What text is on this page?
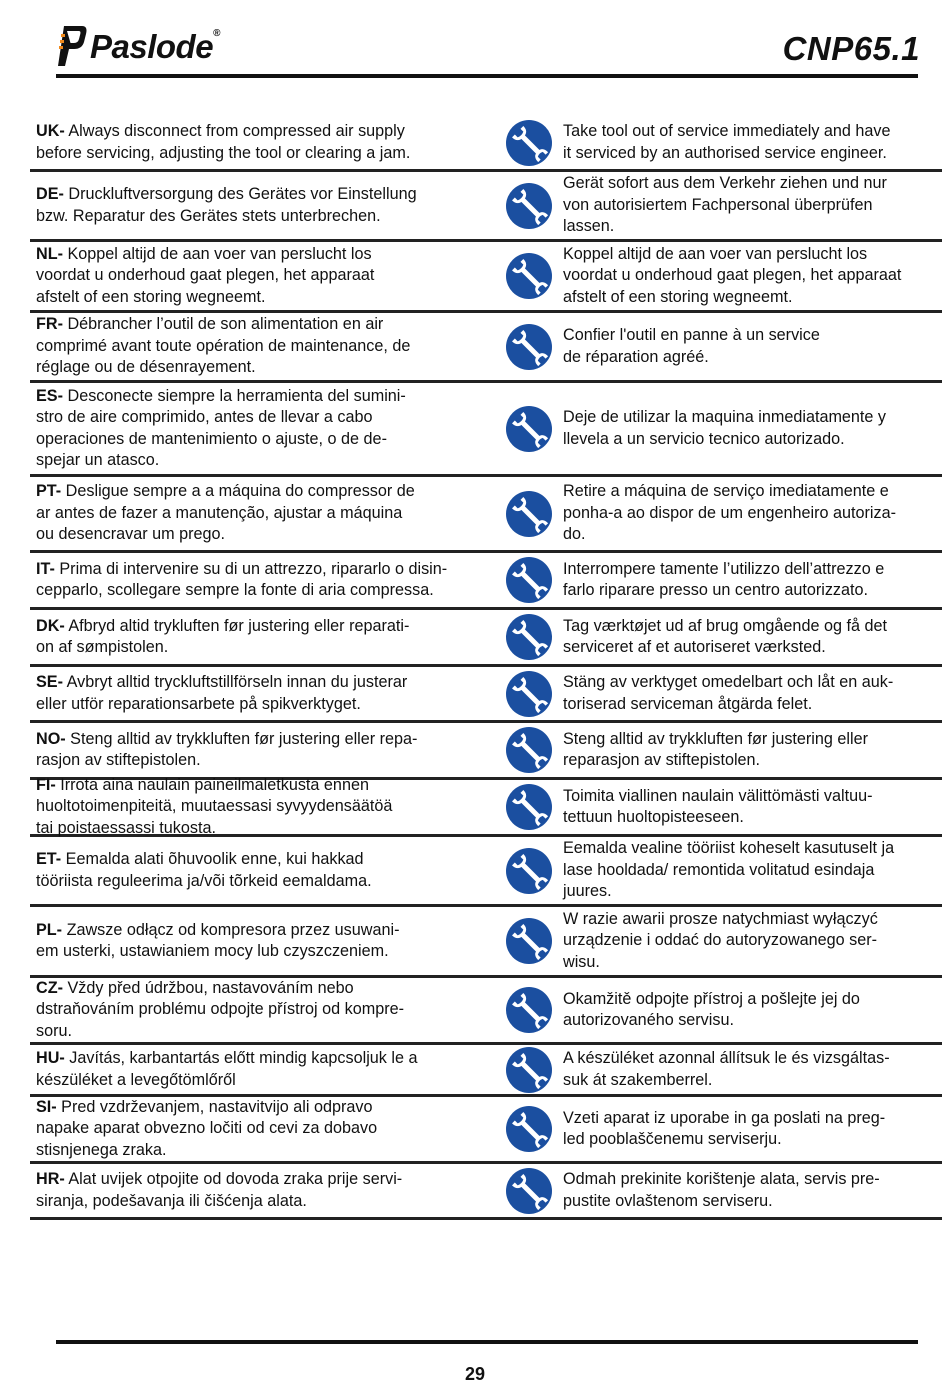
Paslode®	CNP65.1
UK- Always disconnect from compressed air supply
before servicing, adjusting the tool or clearing a jam.
Take tool out of service immediately and have
it serviced by an authorised service engineer.
DE- Druckluftversorgung des Gerätes vor Einstellung
bzw. Reparatur des Gerätes stets unterbrechen.
Gerät sofort aus dem Verkehr ziehen und nur
von autorisiertem Fachpersonal überprüfen
lassen.
NL- Koppel altijd de aan voer van perslucht los
voordat u onderhoud gaat plegen, het apparaat
afstelt of een storing wegneemt.
Koppel altijd de aan voer van perslucht los
voordat u onderhoud gaat plegen, het apparaat
afstelt of een storing wegneemt.
FR- Débrancher l’outil de son alimentation en air
comprimé avant toute opération de maintenance, de
réglage ou de désenrayement.
Confier l'outil en panne à un service
de réparation agréé.
ES- Desconecte siempre la herramienta del sumini-
stro de aire comprimido, antes de llevar a cabo
operaciones de mantenimiento o ajuste, o de de-
spejar un atasco.
Deje de utilizar la maquina inmediatamente y
llevela a un servicio tecnico autorizado.
PT- Desligue sempre a a máquina do compressor de
ar antes de fazer a manutenção, ajustar a máquina
ou desencravar um prego.
Retire a máquina de serviço imediatamente e
ponha-a ao dispor de um engenheiro autoriza-
do.
IT- Prima di intervenire su di un attrezzo, ripararlo o disin-
cepparlo, scollegare sempre la fonte di aria compressa.
Interrompere tamente l’utilizzo dell’attrezzo e
farlo riparare presso un centro autorizzato.
DK- Afbryd altid trykluften før justering eller reparati-
on af sømpistolen.
Tag værktøjet ud af brug omgående og få det
serviceret af et autoriseret værksted.
SE- Avbryt alltid tryckluftstillförseln innan du justerar
eller utför reparationsarbete på spikverktyget.
Stäng av verktyget omedelbart och låt en auk-
toriserad serviceman åtgärda felet.
NO- Steng alltid av trykkluften før justering eller repa-
rasjon av stiftepistolen.
Steng alltid av trykkluften før justering eller
reparasjon av stiftepistolen.
FI- Irrota aina naulain paineilmaletkusta ennen
huoltotoimenpiteitä, muutaessasi syvyydensäätöä
tai poistaessassi tukosta.
Toimita viallinen naulain välittömästi valtuu-
tettuun huoltopisteeseen.
ET- Eemalda alati õhuvoolik enne, kui hakkad
tööriista reguleerima ja/või tõrkeid eemaldama.
Eemalda vealine tööriist koheselt kasutuselt ja
lase hooldada/ remontida volitatud esindaja
juures.
PL- Zawsze odłącz od kompresora przez usuwani-
em usterki, ustawianiem mocy lub czyszczeniem.
W razie awarii prosze natychmiast wyłączyć
urządzenie i oddać do autoryzowanego ser-
wisu.
CZ- Vždy před údržbou, nastavováním nebo
dstraňováním problému odpojte přístroj od kompre-
soru.
Okamžitě odpojte přístroj a pošlejte jej do
autorizovaného servisu.
HU- Javítás, karbantartás előtt mindig kapcsoljuk le a
készüléket a levegőtömlőről
A készüléket azonnal állítsuk le és vizsgáltas-
suk át szakemberrel.
SI- Pred vzdrževanjem, nastavitvijo ali odpravo
napake aparat obvezno ločiti od cevi za dobavo
stisnjenega zraka.
Vzeti aparat iz uporabe in ga poslati na preg-
led pooblaščenemu serviserju.
HR- Alat uvijek otpojite od dovoda zraka prije servi-
siranja, podešavanja ili čišćenja alata.
Odmah prekinite korištenje alata, servis pre-
pustite ovlaštenom serviseru.
29
